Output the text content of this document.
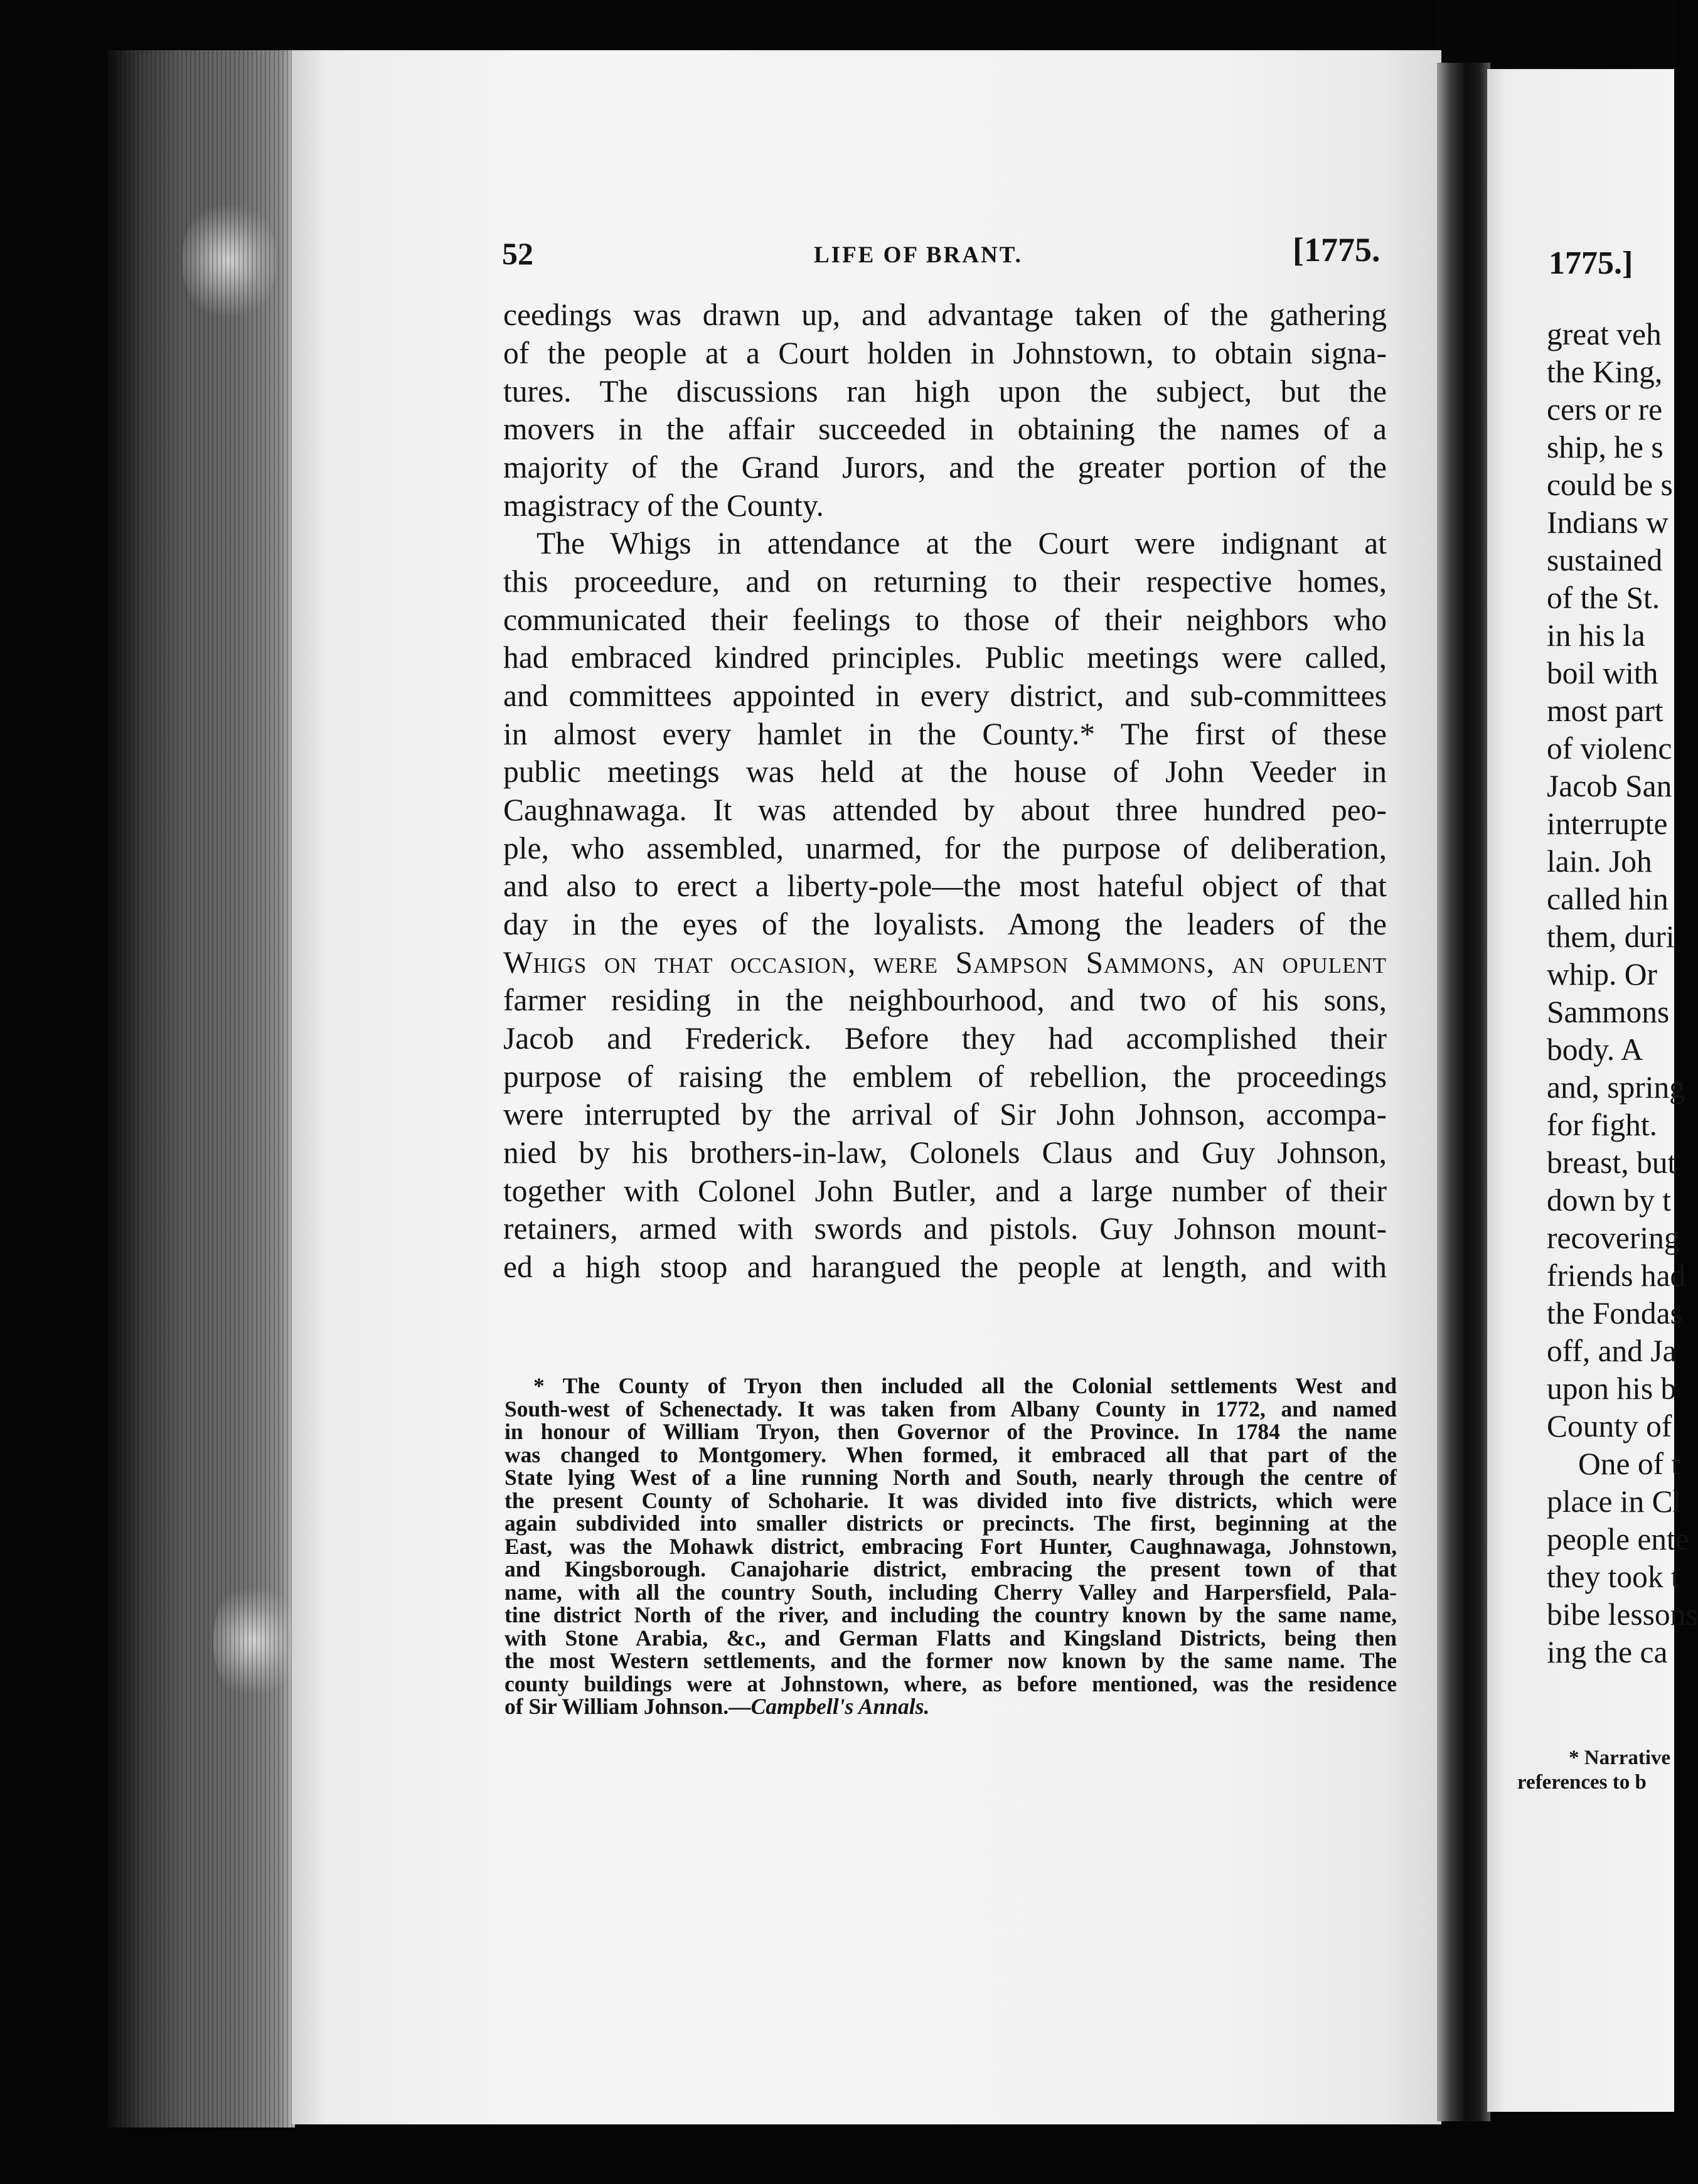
52	LIFE OF BRANT.	[1775.
ceedings was drawn up, and advantage taken of the gathering
of the people at a Court holden in Johnstown, to obtain signa-
tures. The discussions ran high upon the subject, but the
movers in the affair succeeded in obtaining the names of a
majority of the Grand Jurors, and the greater portion of the
magistracy of the County.
The Whigs in attendance at the Court were indignant at
this proceedure, and on returning to their respective homes,
communicated their feelings to those of their neighbors who
had embraced kindred principles. Public meetings were called,
and committees appointed in every district, and sub-committees
in almost every hamlet in the County.* The first of these
public meetings was held at the house of John Veeder in
Caughnawaga. It was attended by about three hundred peo-
ple, who assembled, unarmed, for the purpose of deliberation,
and also to erect a liberty-pole—the most hateful object of that
day in the eyes of the loyalists. Among the leaders of the
Whigs on that occasion, were Sampson Sammons, an opulent
farmer residing in the neighbourhood, and two of his sons,
Jacob and Frederick. Before they had accomplished their
purpose of raising the emblem of rebellion, the proceedings
were interrupted by the arrival of Sir John Johnson, accompa-
nied by his brothers-in-law, Colonels Claus and Guy Johnson,
together with Colonel John Butler, and a large number of their
retainers, armed with swords and pistols. Guy Johnson mount-
ed a high stoop and harangued the people at length, and with
* The County of Tryon then included all the Colonial settlements West and
South-west of Schenectady. It was taken from Albany County in 1772, and named
in honour of William Tryon, then Governor of the Province. In 1784 the name
was changed to Montgomery. When formed, it embraced all that part of the
State lying West of a line running North and South, nearly through the centre of
the present County of Schoharie. It was divided into five districts, which were
again subdivided into smaller districts or precincts. The first, beginning at the
East, was the Mohawk district, embracing Fort Hunter, Caughnawaga, Johnstown,
and Kingsborough. Canajoharie district, embracing the present town of that
name, with all the country South, including Cherry Valley and Harpersfield, Pala-
tine district North of the river, and including the country known by the same name,
with Stone Arabia, &c., and German Flatts and Kingsland Districts, being then
the most Western settlements, and the former now known by the same name. The
county buildings were at Johnstown, where, as before mentioned, was the residence
of Sir William Johnson.—Campbell's Annals.
1775.]
great veh
the King,
cers or re
ship, he s
could be s
Indians w
sustained
of the St.
in his la
boil with
most part
of violenc
Jacob San
interrupte
lain. Joh
called hin
them, duri
whip. Or
Sammons
body. A
and, spring
for fight.
breast, but
down by t
recovering
friends had
the Fondas
off, and Ja
upon his b
County of
One of t
place in Cl
people ente
they took t
bibe lessons
ing the ca
* Narrative
references to b
